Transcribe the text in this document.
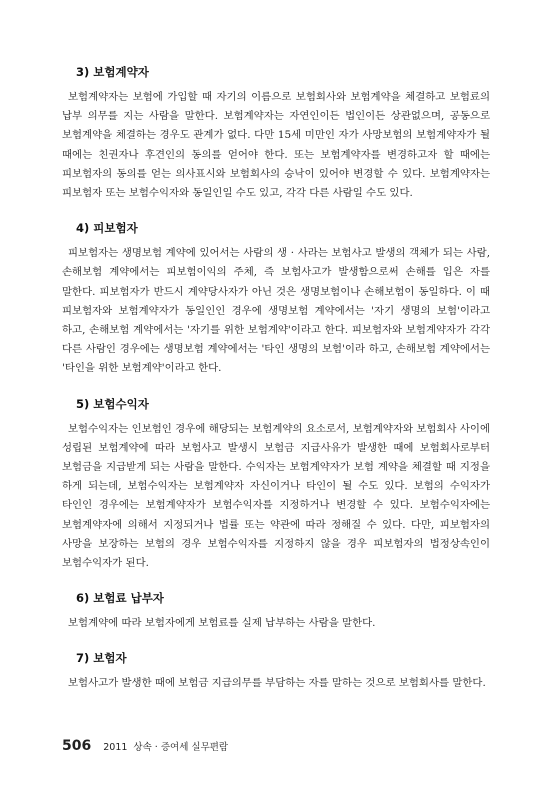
3) 보험계약자

보험계약자는 보험에 가입할 때 자기의 이름으로 보험회사와 보험계약을 체결하고 보험료의 납부 의무를 지는 사람을 말한다. 보험계약자는 자연인이든 법인이든 상관없으며, 공동으로 보험계약을 체결하는 경우도 관계가 없다. 다만 15세 미만인 자가 사망보험의 보험계약자가 될 때에는 친권자나 후견인의 동의를 얻어야 한다. 또는 보험계약자를 변경하고자 할 때에는 피보험자의 동의를 얻는 의사표시와 보험회사의 승낙이 있어야 변경할 수 있다. 보험계약자는 피보험자 또는 보험수익자와 동일인일 수도 있고, 각각 다른 사람일 수도 있다.

4) 피보험자

피보험자는 생명보험 계약에 있어서는 사람의 생 · 사라는 보험사고 발생의 객체가 되는 사람, 손해보험 계약에서는 피보험이익의 주체, 즉 보험사고가 발생함으로써 손해를 입은 자를 말한다. 피보험자가 반드시 계약당사자가 아닌 것은 생명보험이나 손해보험이 동일하다. 이 때 피보험자와 보험계약자가 동일인인 경우에 생명보험 계약에서는 '자기 생명의 보험'이라고 하고, 손해보험 계약에서는 '자기를 위한 보험계약'이라고 한다. 피보험자와 보험계약자가 각각 다른 사람인 경우에는 생명보험 계약에서는 '타인 생명의 보험'이라 하고, 손해보험 계약에서는 '타인을 위한 보험계약'이라고 한다.

5) 보험수익자

보험수익자는 인보험인 경우에 해당되는 보험계약의 요소로서, 보험계약자와 보험회사 사이에 성립된 보험계약에 따라 보험사고 발생시 보험금 지급사유가 발생한 때에 보험회사로부터 보험금을 지급받게 되는 사람을 말한다. 수익자는 보험계약자가 보험 계약을 체결할 때 지정을 하게 되는데, 보험수익자는 보험계약자 자신이거나 타인이 될 수도 있다. 보험의 수익자가 타인인 경우에는 보험계약자가 보험수익자를 지정하거나 변경할 수 있다. 보험수익자에는 보험계약자에 의해서 지정되거나 법률 또는 약관에 따라 정해질 수 있다. 다만, 피보험자의 사망을 보장하는 보험의 경우 보험수익자를 지정하지 않을 경우 피보험자의 법정상속인이 보험수익자가 된다.

6) 보험료 납부자

보험계약에 따라 보험자에게 보험료를 실제 납부하는 사람을 말한다.

7) 보험자

보험사고가 발생한 때에 보험금 지급의무를 부담하는 자를 말하는 것으로 보험회사를 말한다.

506 2011 상속 · 증여세 실무편람
